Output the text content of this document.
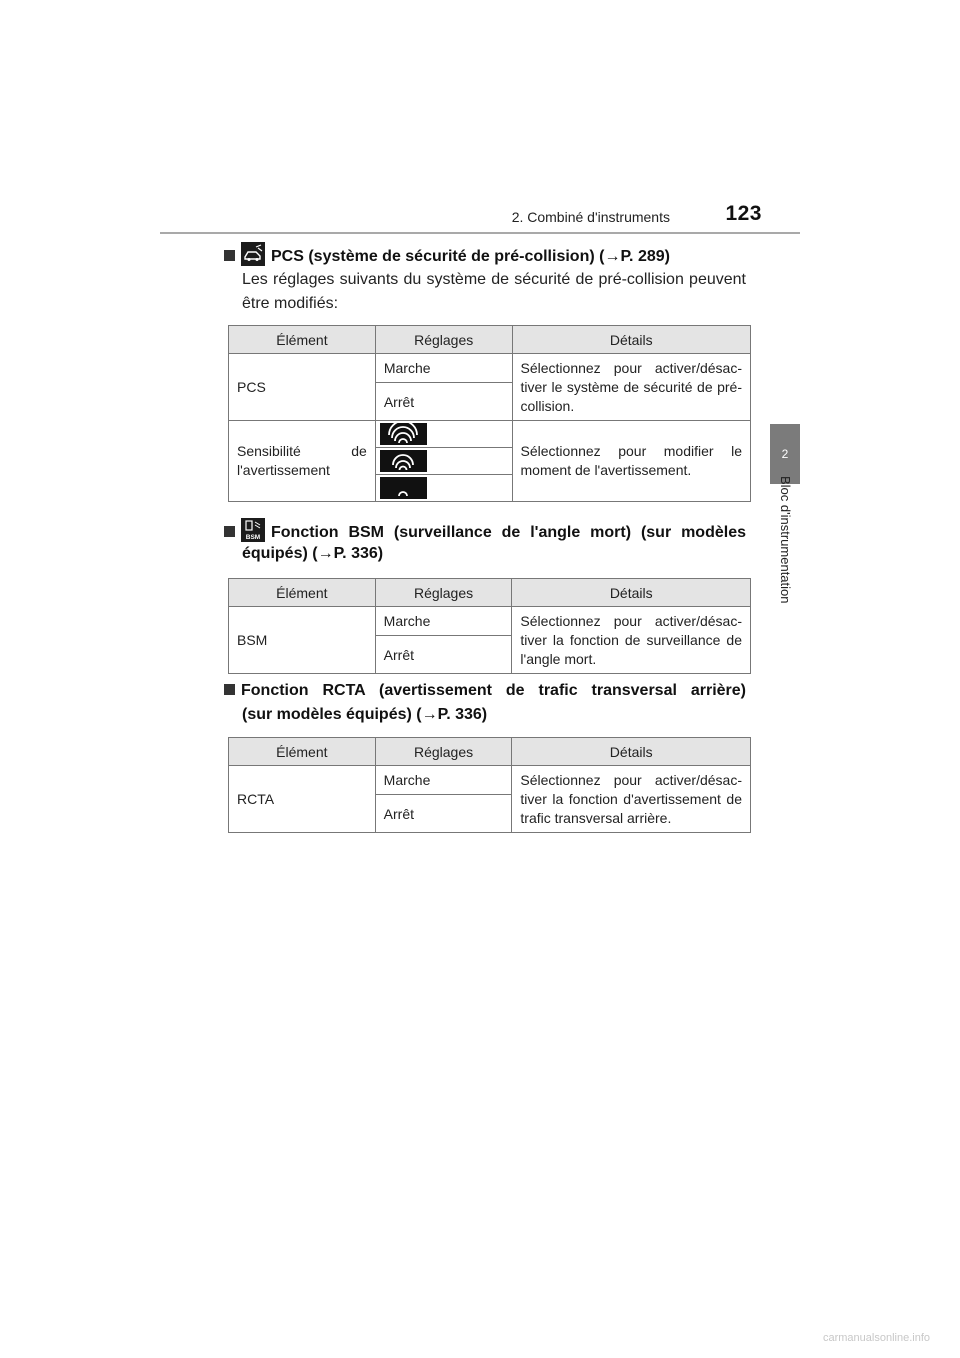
2. Combiné d'instruments	123
2
Bloc d'instrumentation
PCS (système de sécurité de pré-collision) (→P. 289)
Les réglages suivants du système de sécurité de pré-collision peuvent être modifiés:
Élément	Réglages	Détails
PCS	Marche	Sélectionnez pour activer/désac-tiver le système de sécurité de pré-collision.
	Arrêt	
Sensibilité de l'avertissement		Sélectionnez pour modifier le moment de l'avertissement.

BSM Fonction BSM (surveillance de l'angle mort) (sur modèles
équipés) (→P. 336)
Élément	Réglages	Détails
BSM	Marche	Sélectionnez pour activer/désac-tiver la fonction de surveillance de l'angle mort.
	Arrêt	
Fonction RCTA (avertissement de trafic transversal arrière)
(sur modèles équipés) (→P. 336)
Élément	Réglages	Détails
RCTA	Marche	Sélectionnez pour activer/désac-tiver la fonction d'avertissement de trafic transversal arrière.
	Arrêt	
carmanualsonline.info
